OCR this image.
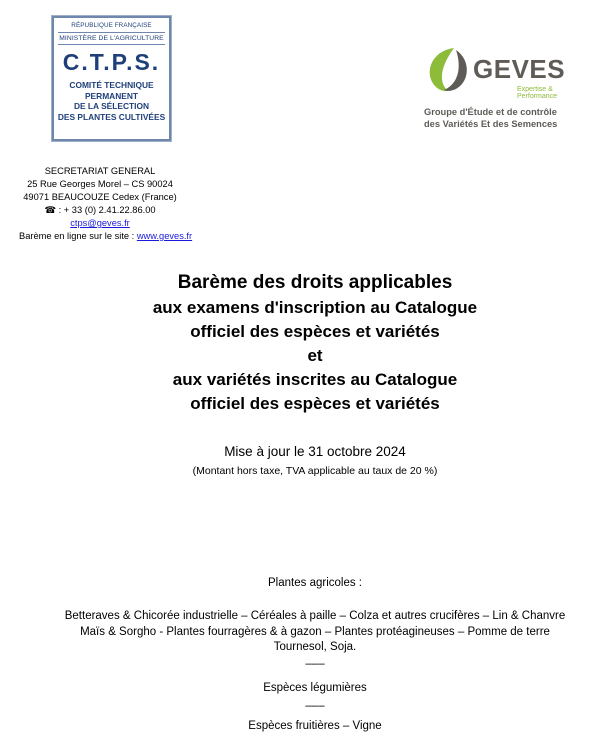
RÉPUBLIQUE FRANÇAISE
MINISTÈRE DE L'AGRICULTURE
C.T.P.S.
COMITÉ TECHNIQUE
PERMANENT
DE LA SÉLECTION
DES PLANTES CULTIVÉES
GEVES
Expertise & Performance
Groupe d'Étude et de contrôle
des Variétés Et des Semences
SECRETARIAT GENERAL
25 Rue Georges Morel – CS 90024
49071 BEAUCOUZE Cedex (France)
☎ : + 33 (0) 2.41.22.86.00
ctps@geves.fr
Barème en ligne sur le site : www.geves.fr
Barème des droits applicables
aux examens d'inscription au Catalogue
officiel des espèces et variétés
et
aux variétés inscrites au Catalogue
officiel des espèces et variétés
Mise à jour le 31 octobre 2024
(Montant hors taxe, TVA applicable au taux de 20 %)
Plantes agricoles :
Betteraves & Chicorée industrielle – Céréales à paille – Colza et autres crucifères – Lin & Chanvre
Maïs & Sorgho - Plantes fourragères & à gazon – Plantes protéagineuses – Pomme de terre
Tournesol, Soja.
–––
Espèces légumières
–––
Espèces fruitières – Vigne
